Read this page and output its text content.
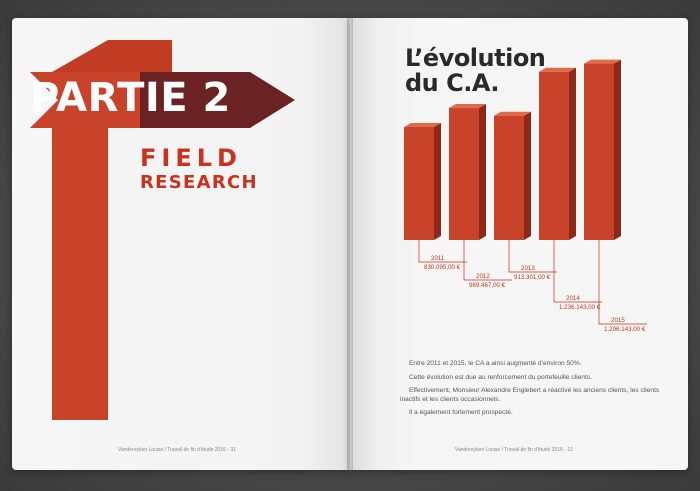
PARTIE 2
FIELD
RESEARCH
Vandereyken Louise / Travail de fin d'étude 2016 - 31
L’évolution
du C.A.
2011
830.095,00 €
2012
969.467,00 €
2013
913.301,00 €
2014
1.236.143,00 €
2015
1.296.143,00 €

Entre 2011 et 2015, le CA a ainsi augmenté d’environ 50%.

Cette évolution est due au renforcement du portefeuille clients.

Effectivement, Monsieur Alexandre Englebert a réactivé les anciens clients, les clients inactifs et les clients occasionnels.

Il a également fortement prospecté.

Vandereyken Louise / Travail de fin d'étude 2016 - 12
